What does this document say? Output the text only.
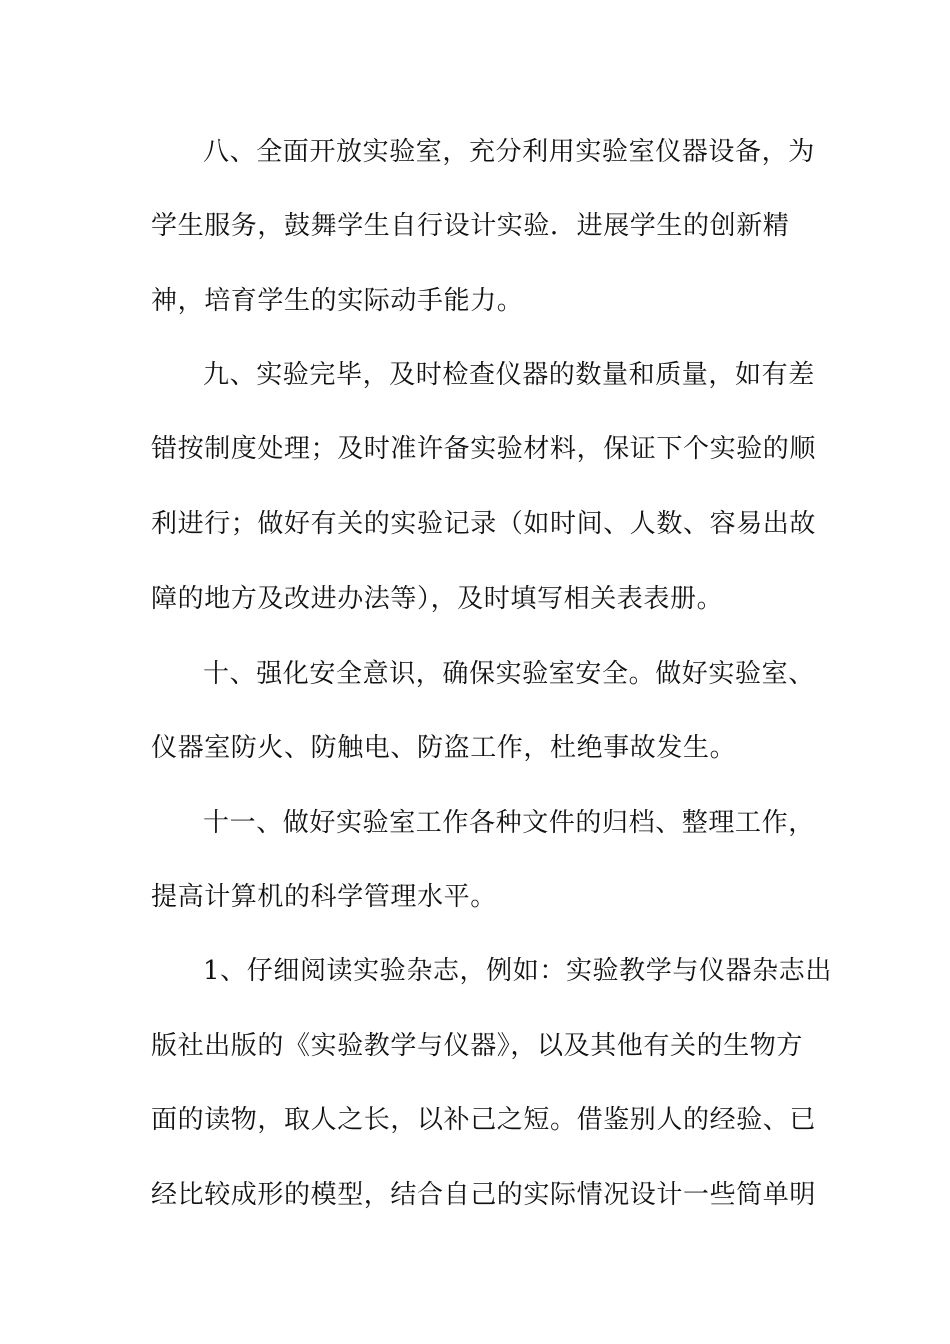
八、全面开放实验室，充分利用实验室仪器设备，为

学生服务，鼓舞学生自行设计实验．进展学生的创新精

神，培育学生的实际动手能力。

九、实验完毕，及时检查仪器的数量和质量，如有差

错按制度处理；及时准许备实验材料，保证下个实验的顺

利进行；做好有关的实验记录（如时间、人数、容易出故

障的地方及改进办法等），及时填写相关表表册。

十、强化安全意识，确保实验室安全。做好实验室、

仪器室防火、防触电、防盗工作，杜绝事故发生。

十一、做好实验室工作各种文件的归档、整理工作，

提高计算机的科学管理水平。

1、仔细阅读实验杂志，例如：实验教学与仪器杂志出

版社出版的《实验教学与仪器》，以及其他有关的生物方

面的读物，取人之长，以补己之短。借鉴别人的经验、已

经比较成形的模型，结合自己的实际情况设计一些简单明
